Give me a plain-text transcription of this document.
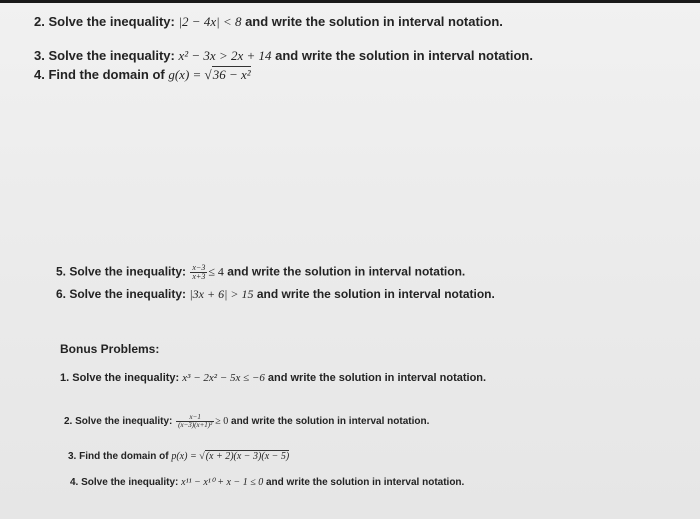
2. Solve the inequality: |2 − 4x| < 8 and write the solution in interval notation.
3. Solve the inequality: x² − 3x > 2x + 14 and write the solution in interval notation.
4. Find the domain of g(x) = √36 − x²
5. Solve the inequality: $\frac{x-3}{x+3} \le 4$ and write the solution in interval notation.
6. Solve the inequality: |3x + 6| > 15 and write the solution in interval notation.
Bonus Problems:
1. Solve the inequality: x³ − 2x² − 5x ≤ −6 and write the solution in interval notation.
2. Solve the inequality: $\frac{x-1}{\text{(x−3)(x+1)²}} \ge 0$ and write the solution in interval notation.
3. Find the domain of p(x) = √(x + 2)(x − 3)(x − 5)
4. Solve the inequality: x¹¹ − x¹⁰ + x − 1 ≤ 0 and write the solution in interval notation.
